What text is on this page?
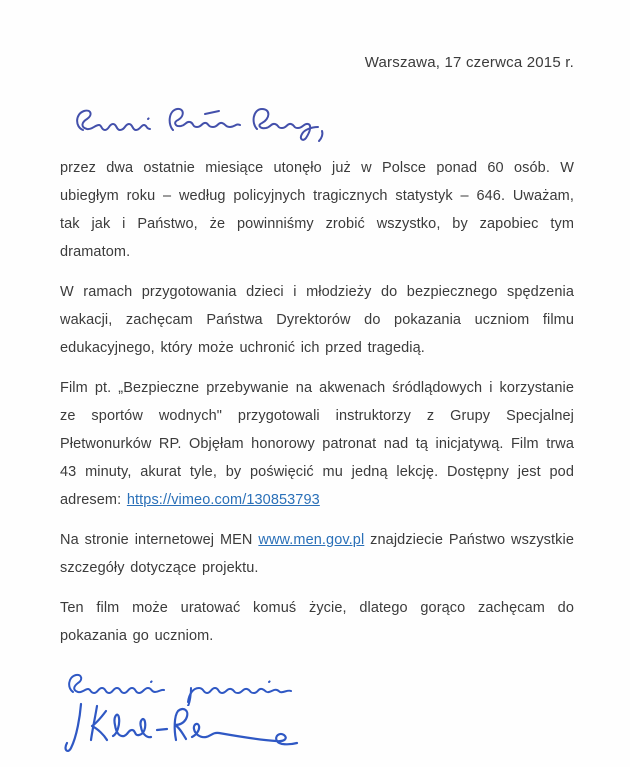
Warszawa, 17 czerwca 2015 r.

przez dwa ostatnie miesiące utonęło już w Polsce ponad 60 osób. W ubiegłym roku – według policyjnych tragicznych statystyk – 646. Uważam, tak jak i Państwo, że powinniśmy zrobić wszystko, by zapobiec tym dramatom.

W ramach przygotowania dzieci i młodzieży do bezpiecznego spędzenia wakacji, zachęcam Państwa Dyrektorów do pokazania uczniom filmu edukacyjnego, który może uchronić ich przed tragedią.

Film pt. „Bezpieczne przebywanie na akwenach śródlądowych i korzystanie ze sportów wodnych" przygotowali instruktorzy z Grupy Specjalnej Płetwonurków RP. Objęłam honorowy patronat nad tą inicjatywą. Film trwa 43 minuty, akurat tyle, by poświęcić mu jedną lekcję. Dostępny jest pod adresem: https://vimeo.com/130853793

Na stronie internetowej MEN www.men.gov.pl znajdziecie Państwo wszystkie szczegóły dotyczące projektu.

Ten film może uratować komuś życie, dlatego gorąco zachęcam do pokazania go uczniom.
